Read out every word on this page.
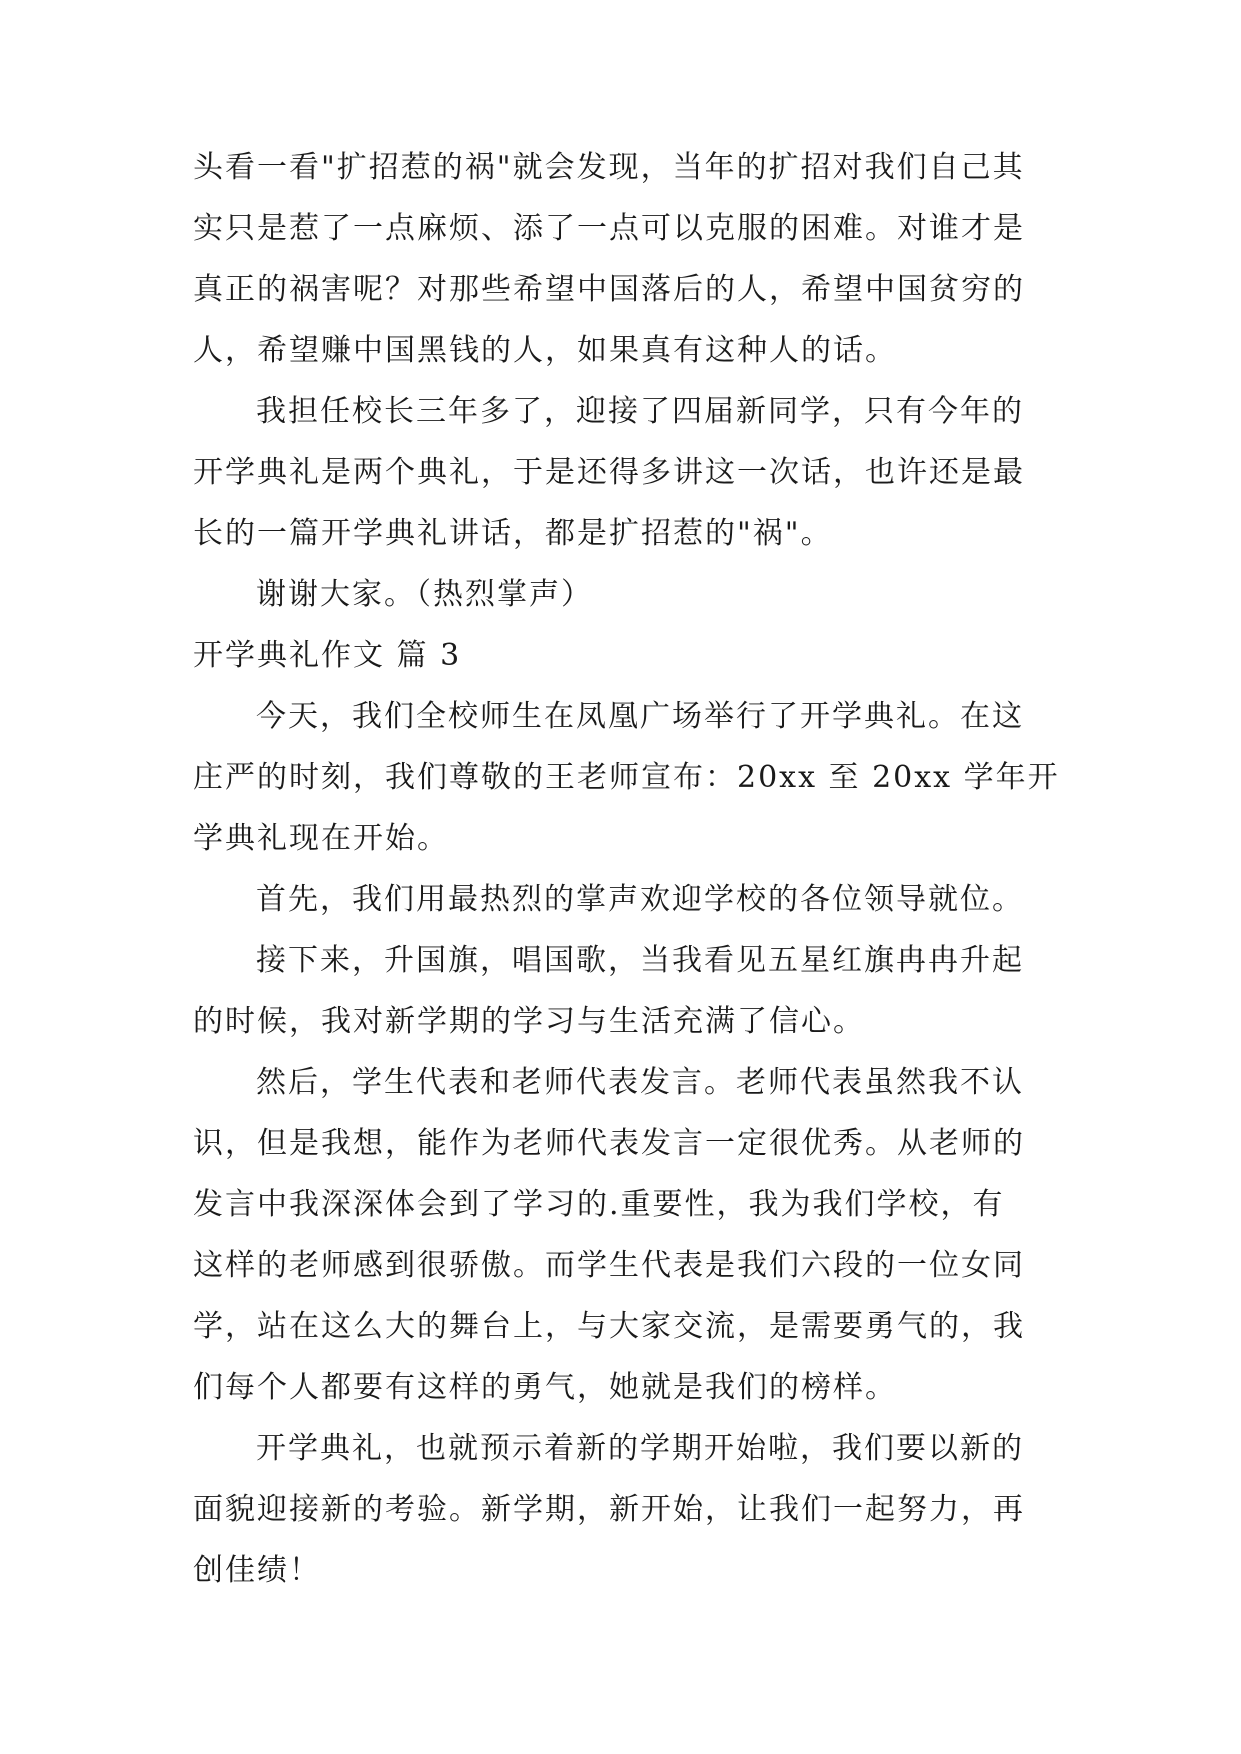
头看一看"扩招惹的祸"就会发现，当年的扩招对我们自己其
实只是惹了一点麻烦、添了一点可以克服的困难。对谁才是
真正的祸害呢？对那些希望中国落后的人，希望中国贫穷的
人，希望赚中国黑钱的人，如果真有这种人的话。
我担任校长三年多了，迎接了四届新同学，只有今年的
开学典礼是两个典礼，于是还得多讲这一次话，也许还是最
长的一篇开学典礼讲话，都是扩招惹的"祸"。
谢谢大家。（热烈掌声）
开学典礼作文 篇 3
今天，我们全校师生在凤凰广场举行了开学典礼。在这
庄严的时刻，我们尊敬的王老师宣布：20xx 至 20xx 学年开
学典礼现在开始。
首先，我们用最热烈的掌声欢迎学校的各位领导就位。
接下来，升国旗，唱国歌，当我看见五星红旗冉冉升起
的时候，我对新学期的学习与生活充满了信心。
然后，学生代表和老师代表发言。老师代表虽然我不认
识，但是我想，能作为老师代表发言一定很优秀。从老师的
发言中我深深体会到了学习的.重要性，我为我们学校，有
这样的老师感到很骄傲。而学生代表是我们六段的一位女同
学，站在这么大的舞台上，与大家交流，是需要勇气的，我
们每个人都要有这样的勇气，她就是我们的榜样。
开学典礼，也就预示着新的学期开始啦，我们要以新的
面貌迎接新的考验。新学期，新开始，让我们一起努力，再
创佳绩！
